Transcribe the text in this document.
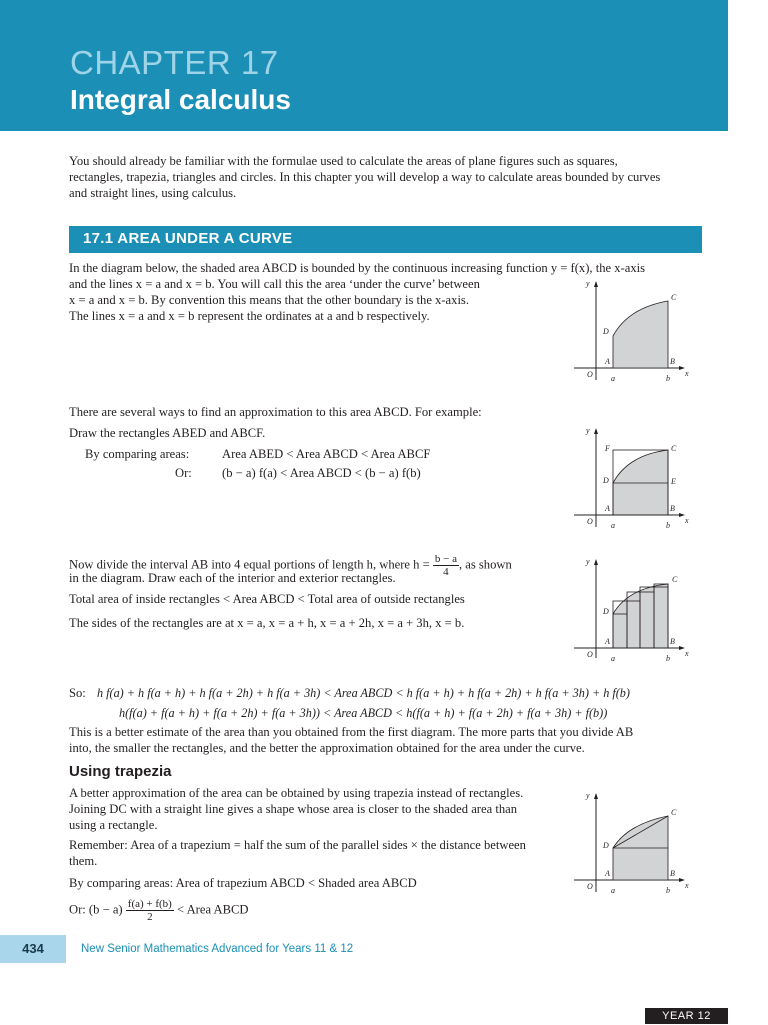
CHAPTER 17
Integral calculus

You should already be familiar with the formulae used to calculate the areas of plane figures such as squares,

rectangles, trapezia, triangles and circles. In this chapter you will develop a way to calculate areas bounded by curves

and straight lines, using calculus.

17.1 AREA UNDER A CURVE

In the diagram below, the shaded area ABCD is bounded by the continuous increasing function y = f(x), the x-axis

and the lines x = a and x = b. You will call this the area ‘under the curve’ between

x = a and x = b. By convention this means that the other boundary is the x-axis.

The lines x = a and x = b represent the ordinates at a and b respectively.

y
x
O a	b
A	B
C
D

There are several ways to find an approximation to this area ABCD. For example:

Draw the rectangles ABED and ABCF.

By comparing areas:	Area ABED < Area ABCD < Area ABCF

Or: (b − a) f(a) < Area ABCD < (b − a) f(b)

y
x
O a	b
A	B
C
D	E
F

Now divide the interval AB into 4 equal portions of length h, where $h = \frac{b - a}{4}$ , as shown

in the diagram. Draw each of the interior and exterior rectangles.

Total area of inside rectangles < Area ABCD < Total area of outside rectangles

The sides of the rectangles are at x = a, x = a + h, x = a + 2h, x = a + 3h, x = b.

y
x
O a	b
A	B
C
D

So: h f(a) + h f(a + h) + h f(a + 2h) + h f(a + 3h) < Area ABCD < h f(a + h) + h f(a + 2h) + h f(a + 3h) + h f(b)

h(f(a) + f(a + h) + f(a + 2h) + f(a + 3h)) < Area ABCD < h(f(a + h) + f(a + 2h) + f(a + 3h) + f(b))

This is a better estimate of the area than you obtained from the first diagram. The more parts that you divide AB

into, the smaller the rectangles, and the better the approximation obtained for the area under the curve.

Using trapezia

A better approximation of the area can be obtained by using trapezia instead of rectangles.

Joining DC with a straight line gives a shape whose area is closer to the shaded area than

using a rectangle.

Remember: Area of a trapezium = half the sum of the parallel sides × the distance between

them.

By comparing areas: Area of trapezium ABCD < Shaded area ABCD

Or: $(b - a) \frac{f(a) + f(b)}{2}$ < Area ABCD

y
x
O a	b
A	B
C
D
434	New Senior Mathematics Advanced for Years 11 & 12
YEAR 12
